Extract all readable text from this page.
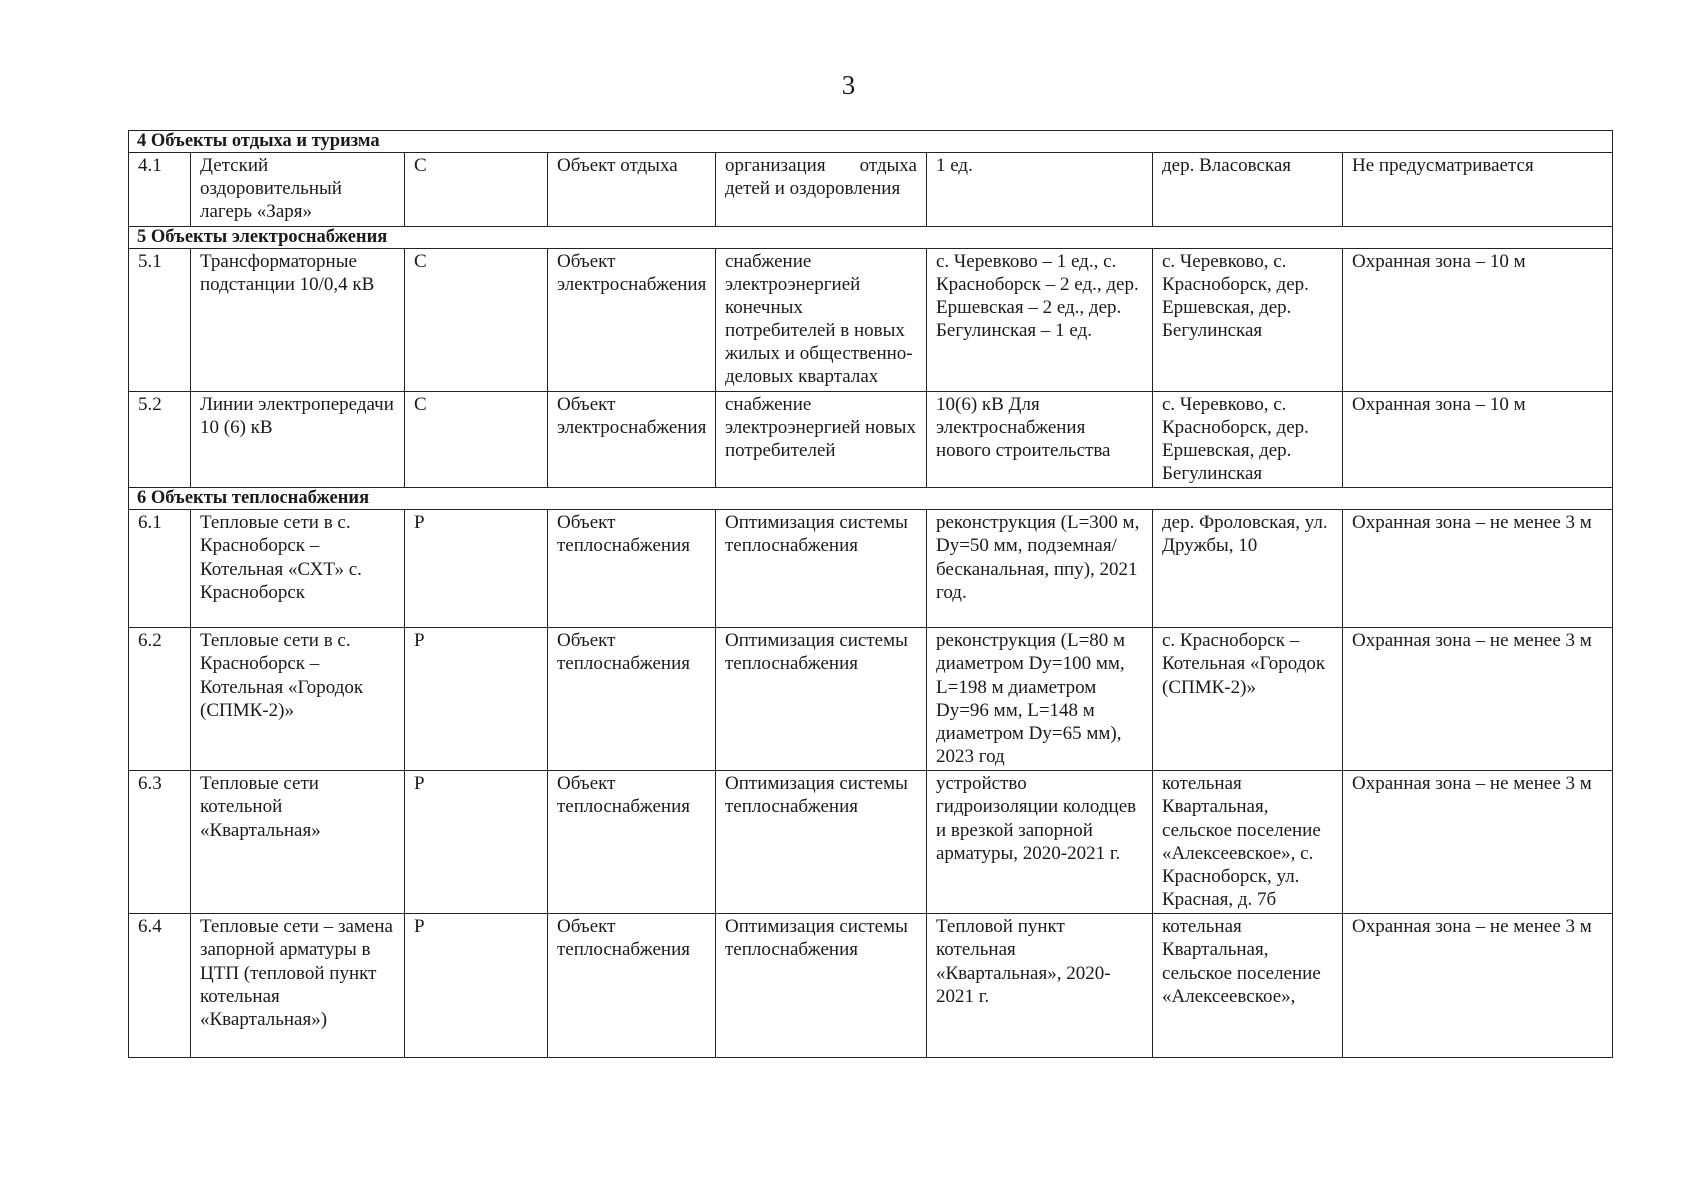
3
4 Объекты отдыха и туризма							
4.1	Детский оздоровительный лагерь «Заря»	С	Объект отдыха	организация отдыха детей и оздоровления	1 ед.	дер. Власовская	Не предусматривается
5 Объекты электроснабжения							
5.1	Трансформаторные подстанции 10/0,4 кВ	С	Объект электроснабжения	снабжение электроэнергией конечных потребителей в новых жилых и общественно-деловых кварталах	с. Черевково – 1 ед., с. Красноборск – 2 ед., дер. Ершевская – 2 ед., дер. Бегулинская – 1 ед.	с. Черевково, с. Красноборск, дер. Ершевская, дер. Бегулинская	Охранная зона – 10 м
5.2	Линии электропередачи 10 (6) кВ	С	Объект электроснабжения	снабжение электроэнергией новых потребителей	10(6) кВ Для электроснабжения нового строительства	с. Черевково, с. Красноборск, дер. Ершевская, дер. Бегулинская	Охранная зона – 10 м
6 Объекты теплоснабжения							
6.1	Тепловые сети в с. Красноборск – Котельная «СХТ» с. Красноборск	Р	Объект теплоснабжения	Оптимизация системы теплоснабжения	реконструкция (L=300 м, Dy=50 мм, подземная/бесканальная, ппу), 2021 год.	дер. Фроловская, ул. Дружбы, 10	Охранная зона – не менее 3 м
6.2	Тепловые сети в с. Красноборск – Котельная «Городок (СПМК-2)»	Р	Объект теплоснабжения	Оптимизация системы теплоснабжения	реконструкция (L=80 м диаметром Dy=100 мм, L=198 м диаметром Dy=96 мм, L=148 м диаметром Dy=65 мм), 2023 год	с. Красноборск – Котельная «Городок (СПМК-2)»	Охранная зона – не менее 3 м
6.3	Тепловые сети котельной «Квартальная»	Р	Объект теплоснабжения	Оптимизация системы теплоснабжения	устройство гидроизоляции колодцев и врезкой запорной арматуры, 2020-2021 г.	котельная Квартальная, сельское поселение «Алексеевское», с. Красноборск, ул. Красная, д. 7б	Охранная зона – не менее 3 м
6.4	Тепловые сети – замена запорной арматуры в ЦТП (тепловой пункт котельная «Квартальная»)	Р	Объект теплоснабжения	Оптимизация системы теплоснабжения	Тепловой пункт котельная «Квартальная», 2020- 2021 г.	котельная Квартальная, сельское поселение «Алексеевское»,	Охранная зона – не менее 3 м
